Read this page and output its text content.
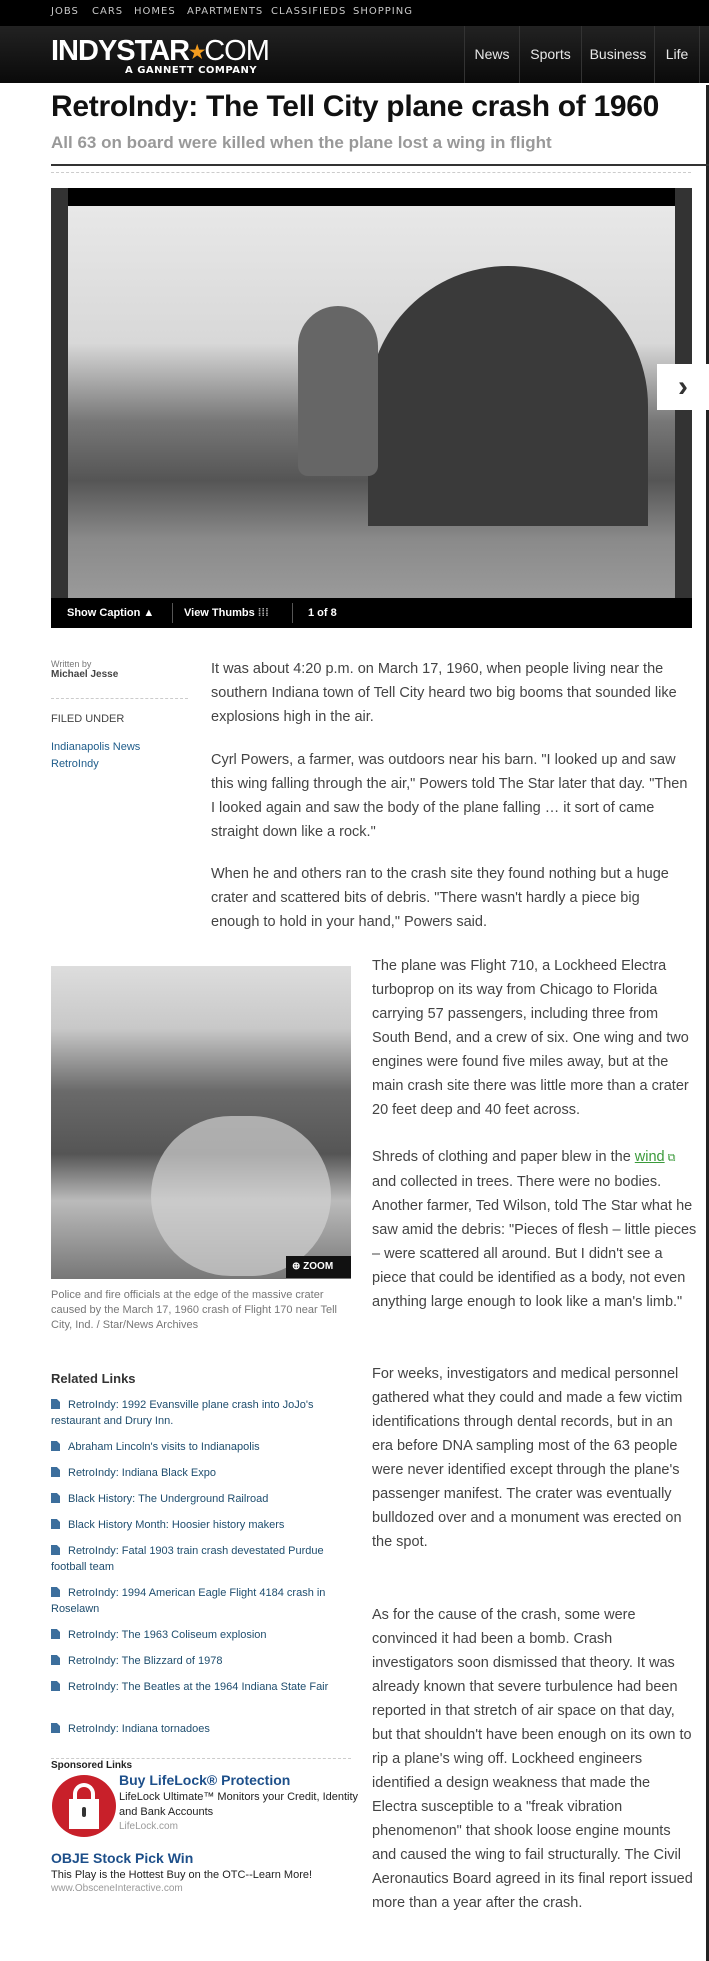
JOBS CARS HOMES APARTMENTS CLASSIFIEDS SHOPPING
INDYSTAR★COM
A GANNETT COMPANY
News	Sports	Business	Life
RetroIndy: The Tell City plane crash of 1960
All 63 on board were killed when the plane lost a wing in flight
Show Caption ▲	View Thumbs ⁞⁞⁞	1 of 8
›
Written by
Michael Jesse
FILED UNDER
Indianapolis News
RetroIndy

It was about 4:20 p.m. on March 17, 1960, when people living near the southern Indiana town of Tell City heard two big booms that sounded like explosions high in the air.

Cyrl Powers, a farmer, was outdoors near his barn. "I looked up and saw this wing falling through the air," Powers told The Star later that day. "Then I looked again and saw the body of the plane falling … it sort of came straight down like a rock."

When he and others ran to the crash site they found nothing but a huge crater and scattered bits of debris. "There wasn't hardly a piece big enough to hold in your hand," Powers said.

⊕ ZOOM
Police and fire officials at the edge of the massive crater caused by the March 17, 1960 crash of Flight 170 near Tell City, Ind. / Star/News Archives

The plane was Flight 710, a Lockheed Electra turboprop on its way from Chicago to Florida carrying 57 passengers, including three from South Bend, and a crew of six. One wing and two engines were found five miles away, but at the main crash site there was little more than a crater 20 feet deep and 40 feet across.

Shreds of clothing and paper blew in the wind ⧉ and collected in trees. There were no bodies. Another farmer, Ted Wilson, told The Star what he saw amid the debris: "Pieces of flesh – little pieces – were scattered all around. But I didn't see a piece that could be identified as a body, not even anything large enough to look like a man's limb."

For weeks, investigators and medical personnel gathered what they could and made a few victim identifications through dental records, but in an era before DNA sampling most of the 63 people were never identified except through the plane's passenger manifest. The crater was eventually bulldozed over and a monument was erected on the spot.

As for the cause of the crash, some were convinced it had been a bomb. Crash investigators soon dismissed that theory. It was already known that severe turbulence had been reported in that stretch of air space on that day, but that shouldn't have been enough on its own to rip a plane's wing off. Lockheed engineers identified a design weakness that made the Electra susceptible to a "freak vibration phenomenon" that shook loose engine mounts and caused the wing to fail structurally. The Civil Aeronautics Board agreed in its final report issued more than a year after the crash.

Related Links
RetroIndy: 1992 Evansville plane crash into JoJo's restaurant and Drury Inn.
Abraham Lincoln's visits to Indianapolis
RetroIndy: Indiana Black Expo
Black History: The Underground Railroad
Black History Month: Hoosier history makers
RetroIndy: Fatal 1903 train crash devestated Purdue football team
RetroIndy: 1994 American Eagle Flight 4184 crash in Roselawn
RetroIndy: The 1963 Coliseum explosion
RetroIndy: The Blizzard of 1978
RetroIndy: The Beatles at the 1964 Indiana State Fair
RetroIndy: Indiana tornadoes
Sponsored Links
Buy LifeLock® Protection
LifeLock Ultimate™ Monitors your Credit, Identity and Bank Accounts
LifeLock.com
OBJE Stock Pick Win
This Play is the Hottest Buy on the OTC--Learn More!
www.ObsceneInteractive.com
